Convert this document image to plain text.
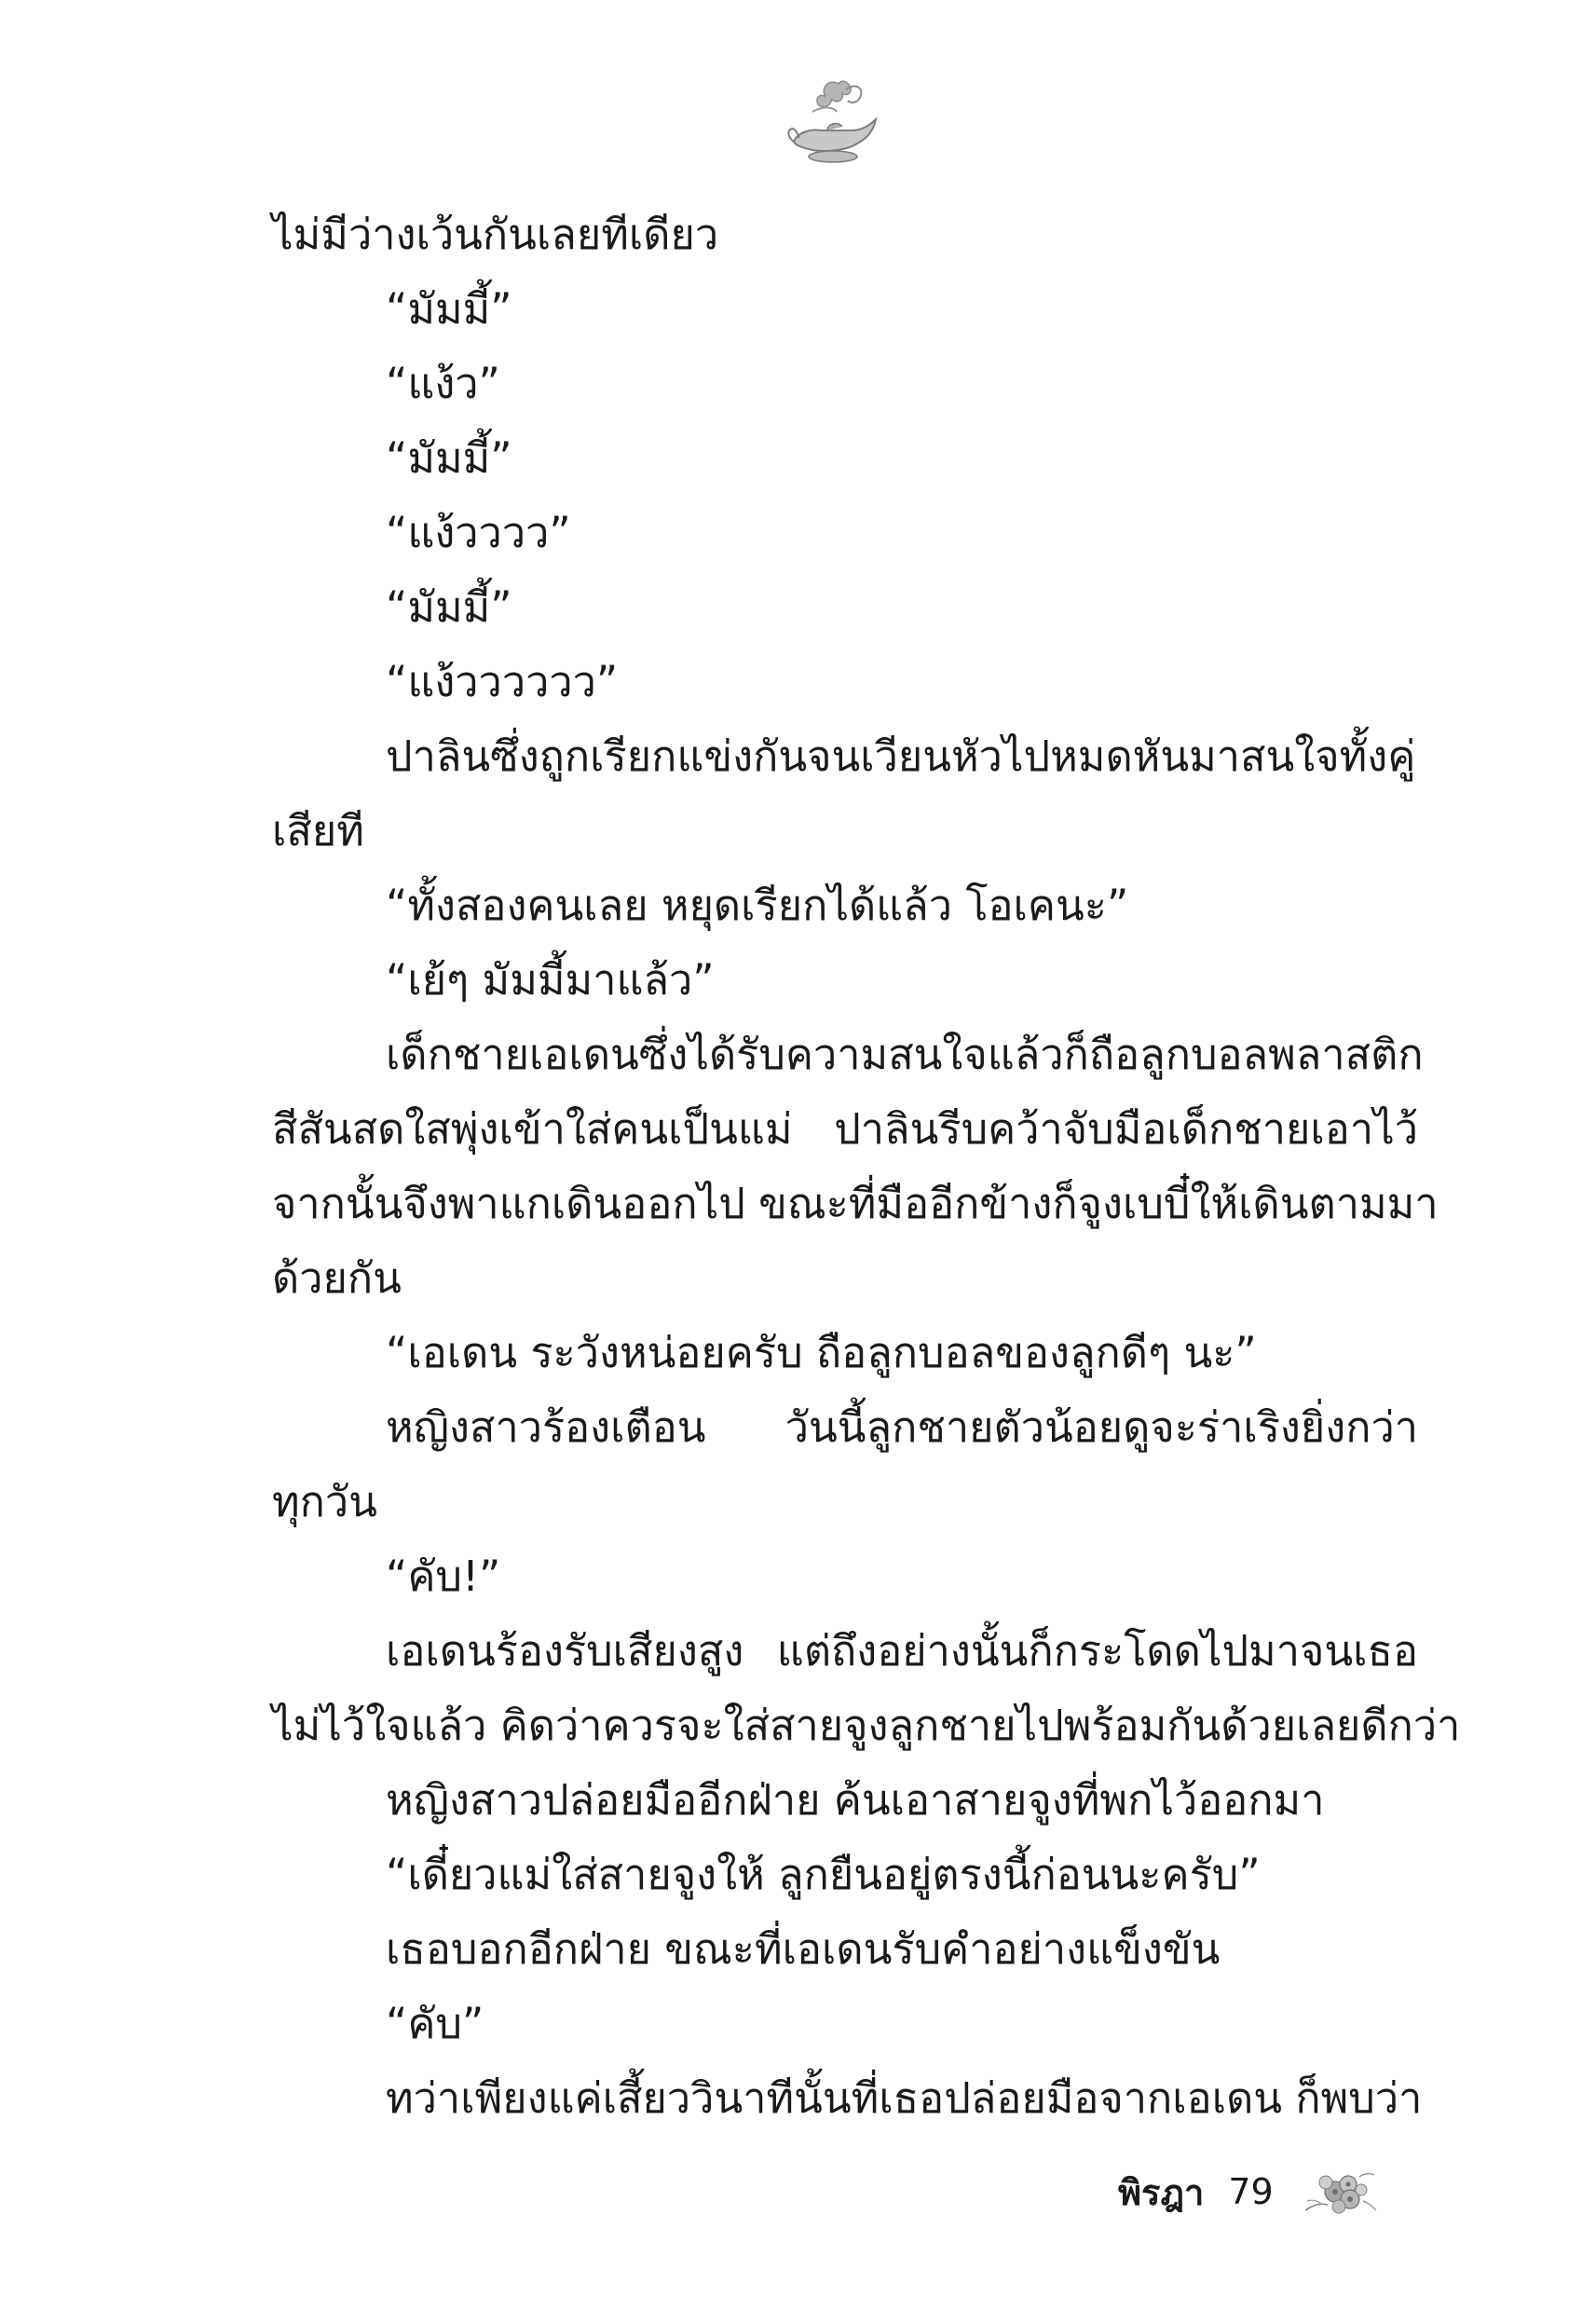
ไม่มีว่างเว้นกันเลยทีเดียว
“มัมมี้”
“แง้ว”
“มัมมี้”
“แง้วววว”
“มัมมี้”
“แง้วววววว”
ปาลินซึ่งถูกเรียกแข่งกันจนเวียนหัวไปหมดหันมาสนใจทั้งคู่
เสียที
“ทั้งสองคนเลย หยุดเรียกได้แล้ว โอเคนะ”
“เย้ๆ มัมมี้มาแล้ว”
เด็กชายเอเดนซึ่งได้รับความสนใจแล้วก็ถือลูกบอลพลาสติก
สีสันสดใสพุ่งเข้าใส่คนเป็นแม่ ปาลินรีบคว้าจับมือเด็กชายเอาไว้
จากนั้นจึงพาแกเดินออกไป ขณะที่มืออีกข้างก็จูงเบบี๋ให้เดินตามมา
ด้วยกัน
“เอเดน ระวังหน่อยครับ ถือลูกบอลของลูกดีๆ นะ”
หญิงสาวร้องเตือน วันนี้ลูกชายตัวน้อยดูจะร่าเริงยิ่งกว่า
ทุกวัน
“คับ!”
เอเดนร้องรับเสียงสูง แต่ถึงอย่างนั้นก็กระโดดไปมาจนเธอ
ไม่ไว้ใจแล้ว คิดว่าควรจะใส่สายจูงลูกชายไปพร้อมกันด้วยเลยดีกว่า
หญิงสาวปล่อยมืออีกฝ่าย ค้นเอาสายจูงที่พกไว้ออกมา
“เดี๋ยวแม่ใส่สายจูงให้ ลูกยืนอยู่ตรงนี้ก่อนนะครับ”
เธอบอกอีกฝ่าย ขณะที่เอเดนรับคำอย่างแข็งขัน
“คับ”
ทว่าเพียงแค่เสี้ยววินาทีนั้นที่เธอปล่อยมือจากเอเดน ก็พบว่า
พิรฎา 79
